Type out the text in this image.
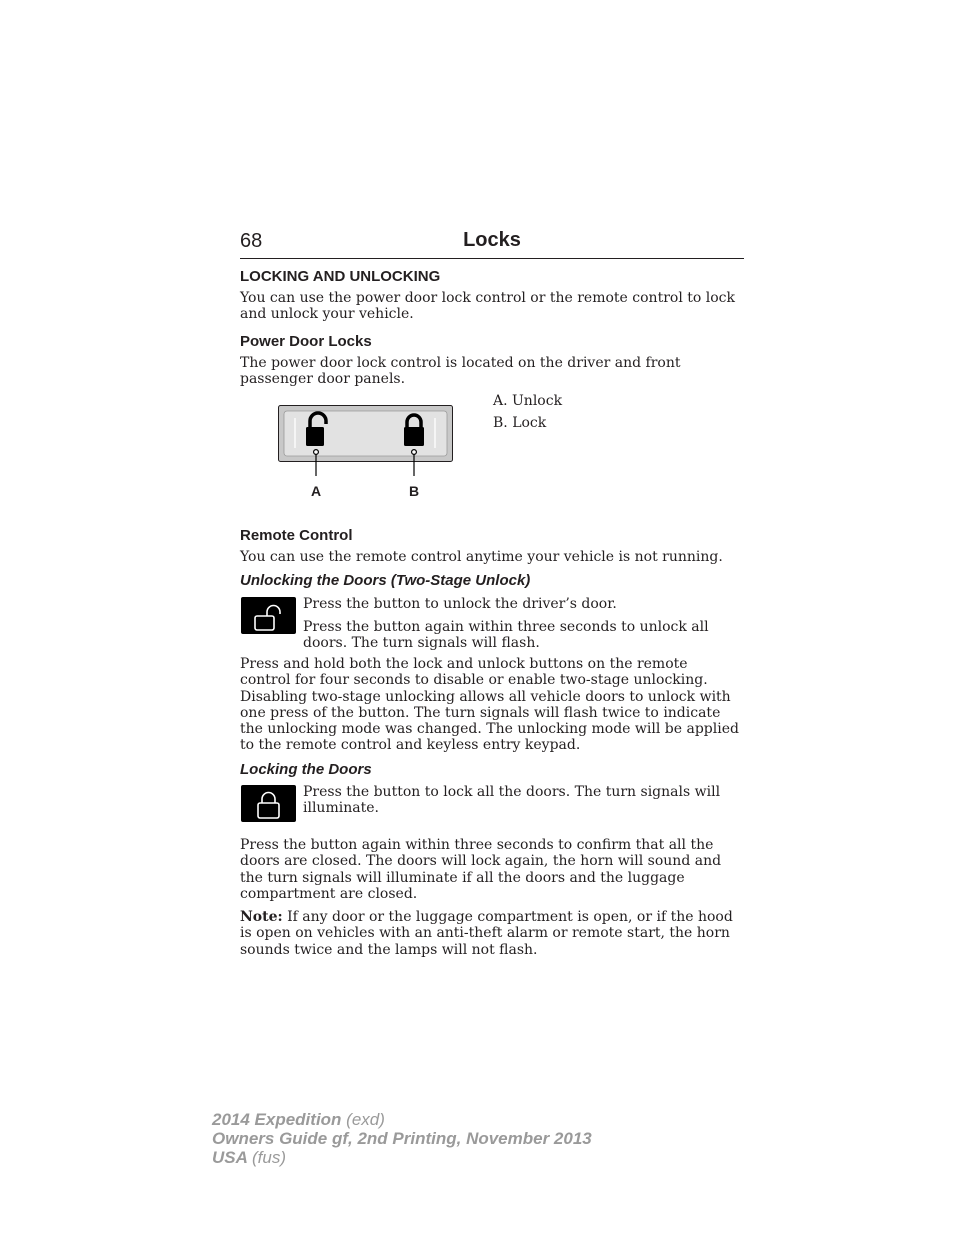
68	Locks
LOCKING AND UNLOCKING
You can use the power door lock control or the remote control to lock and unlock your vehicle.
Power Door Locks
The power door lock control is located on the driver and front passenger door panels.
A	B
A. Unlock
B. Lock
Remote Control
You can use the remote control anytime your vehicle is not running.
Unlocking the Doors (Two-Stage Unlock)
Press the button to unlock the driver’s door.
Press the button again within three seconds to unlock all doors. The turn signals will flash.
Press and hold both the lock and unlock buttons on the remote control for four seconds to disable or enable two-stage unlocking. Disabling two-stage unlocking allows all vehicle doors to unlock with one press of the button. The turn signals will flash twice to indicate the unlocking mode was changed. The unlocking mode will be applied to the remote control and keyless entry keypad.
Locking the Doors
Press the button to lock all the doors. The turn signals will illuminate.
Press the button again within three seconds to confirm that all the doors are closed. The doors will lock again, the horn will sound and the turn signals will illuminate if all the doors and the luggage compartment are closed.
Note: If any door or the luggage compartment is open, or if the hood is open on vehicles with an anti-theft alarm or remote start, the horn sounds twice and the lamps will not flash.
2014 Expedition (exd)
Owners Guide gf, 2nd Printing, November 2013
USA (fus)
